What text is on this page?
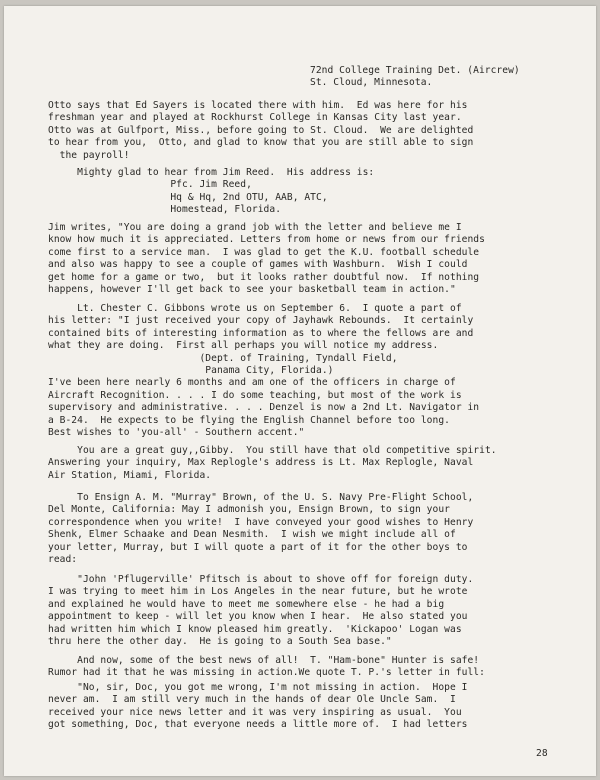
72nd College Training Det. (Aircrew)
St. Cloud, Minnesota.
Otto says that Ed Sayers is located there with him.  Ed was here for his
freshman year and played at Rockhurst College in Kansas City last year.
Otto was at Gulfport, Miss., before going to St. Cloud.  We are delighted
to hear from you,  Otto, and glad to know that you are still able to sign
the payroll!
Mighty glad to hear from Jim Reed.  His address is:
Pfc. Jim Reed,
Hq & Hq, 2nd OTU, AAB, ATC,
Homestead, Florida.
Jim writes, "You are doing a grand job with the letter and believe me I
know how much it is appreciated. Letters from home or news from our friends
come first to a service man.  I was glad to get the K.U. football schedule
and also was happy to see a couple of games with Washburn.  Wish I could
get home for a game or two,  but it looks rather doubtful now.  If nothing
happens, however I'll get back to see your basketball team in action."
Lt. Chester C. Gibbons wrote us on September 6.  I quote a part of
his letter: "I just received your copy of Jayhawk Rebounds.  It certainly
contained bits of interesting information as to where the fellows are and
what they are doing.  First all perhaps you will notice my address.
(Dept. of Training, Tyndall Field,
Panama City, Florida.)
I've been here nearly 6 months and am one of the officers in charge of
Aircraft Recognition. . . . I do some teaching, but most of the work is
supervisory and administrative. . . . Denzel is now a 2nd Lt. Navigator in
a B-24.  He expects to be flying the English Channel before too long.
Best wishes to 'you-all' - Southern accent."
You are a great guy,,Gibby.  You still have that old competitive spirit.
Answering your inquiry, Max Replogle's address is Lt. Max Replogle, Naval
Air Station, Miami, Florida.
To Ensign A. M. "Murray" Brown, of the U. S. Navy Pre-Flight School,
Del Monte, California: May I admonish you, Ensign Brown, to sign your
correspondence when you write!  I have conveyed your good wishes to Henry
Shenk, Elmer Schaake and Dean Nesmith.  I wish we might include all of
your letter, Murray, but I will quote a part of it for the other boys to
read:
"John 'Pflugerville' Pfitsch is about to shove off for foreign duty.
I was trying to meet him in Los Angeles in the near future, but he wrote
and explained he would have to meet me somewhere else - he had a big
appointment to keep - will let you know when I hear.  He also stated you
had written him which I know pleased him greatly.  'Kickapoo' Logan was
thru here the other day.  He is going to a South Sea base."
And now, some of the best news of all!  T. "Ham-bone" Hunter is safe!
Rumor had it that he was missing in action.We quote T. P.'s letter in full:
"No, sir, Doc, you got me wrong, I'm not missing in action.  Hope I
never am.  I am still very much in the hands of dear Ole Uncle Sam.  I
received your nice news letter and it was very inspiring as usual.  You
got something, Doc, that everyone needs a little more of.  I had letters
28
